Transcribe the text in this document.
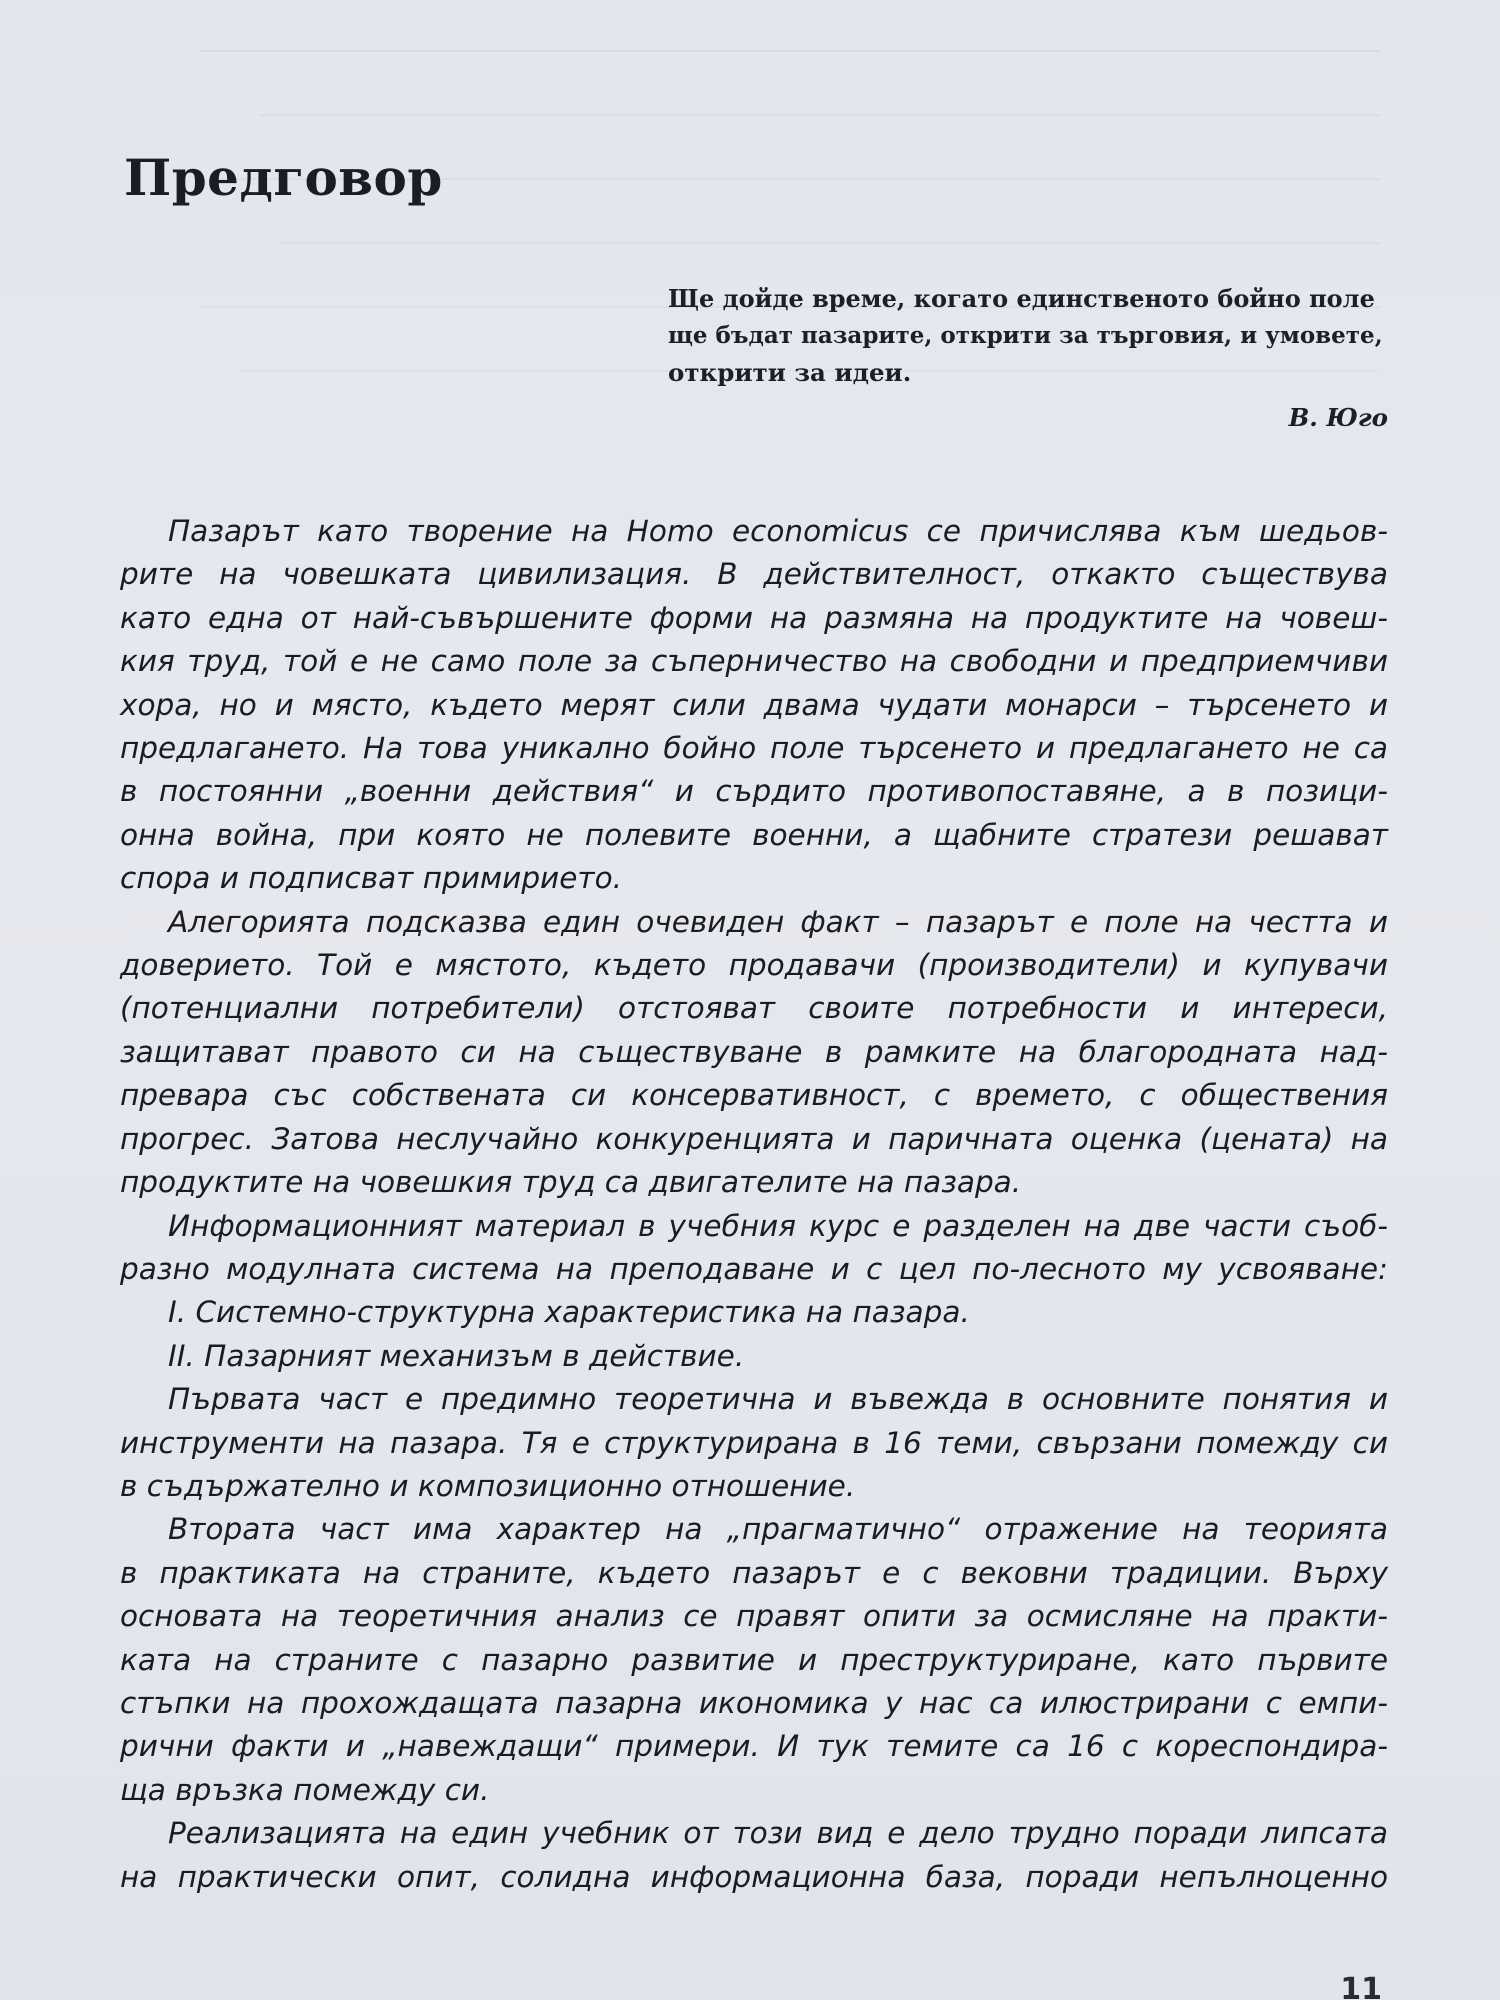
Предговор
Ще дойде време, когато единственото бойно поле
ще бъдат пазарите, открити за търговия, и умовете,
открити за идеи.
В. Юго
Пазарът като творение на Homo economicus се причислява към шедьов-
рите на човешката цивилизация. В действителност, откакто съществува
като една от най-съвършените форми на размяна на продуктите на човеш-
кия труд, той е не само поле за съперничество на свободни и предприемчиви
хора, но и място, където мерят сили двама чудати монарси – търсенето и
предлагането. На това уникално бойно поле търсенето и предлагането не са
в постоянни „военни действия“ и сърдито противопоставяне, а в позици-
онна война, при която не полевите военни, а щабните стратези решават
спора и подписват примирието.
Алегорията подсказва един очевиден факт – пазарът е поле на честта и
доверието. Той е мястото, където продавачи (производители) и купувачи
(потенциални потребители) отстояват своите потребности и интереси,
защитават правото си на съществуване в рамките на благородната над-
превара със собствената си консервативност, с времето, с обществения
прогрес. Затова неслучайно конкуренцията и паричната оценка (цената) на
продуктите на човешкия труд са двигателите на пазара.
Информационният материал в учебния курс е разделен на две части съоб-
разно модулната система на преподаване и с цел по-лесното му усвояване:
I. Системно-структурна характеристика на пазара.
II. Пазарният механизъм в действие.
Първата част е предимно теоретична и въвежда в основните понятия и
инструменти на пазара. Тя е структурирана в 16 теми, свързани помежду си
в съдържателно и композиционно отношение.
Втората част има характер на „прагматично“ отражение на теорията
в практиката на страните, където пазарът е с вековни традиции. Върху
основата на теоретичния анализ се правят опити за осмисляне на практи-
ката на страните с пазарно развитие и преструктуриране, като първите
стъпки на прохождащата пазарна икономика у нас са илюстрирани с емпи-
рични факти и „навеждащи“ примери. И тук темите са 16 с кореспондира-
ща връзка помежду си.
Реализацията на един учебник от този вид е дело трудно поради липсата
на практически опит, солидна информационна база, поради непълноценно
11
